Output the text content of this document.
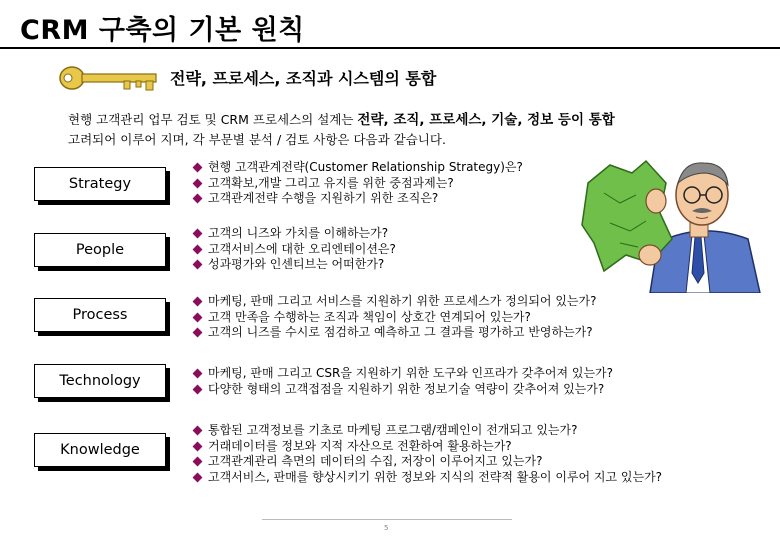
CRM 구축의 기본 원칙
전략, 프로세스, 조직과 시스템의 통합
현행 고객관리 업무 검토 및 CRM 프로세스의 설계는 전략, 조직, 프로세스, 기술, 정보 등이 통합
고려되어 이루어 지며, 각 부문별 분석 / 검토 사항은 다음과 같습니다.
Strategy
현행 고객관계전략(Customer Relationship Strategy)은?
고객확보,개발 그리고 유지를 위한 중점과제는?
고객관계전략 수행을 지원하기 위한 조직은?
People
고객의 니즈와 가치를 이해하는가?
고객서비스에 대한 오리엔테이션은?
성과평가와 인센티브는 어떠한가?
Process
마케팅, 판매 그리고 서비스를 지원하기 위한 프로세스가 정의되어 있는가?
고객 만족을 수행하는 조직과 책임이 상호간 연계되어 있는가?
고객의 니즈를 수시로 점검하고 예측하고 그 결과를 평가하고 반영하는가?
Technology	마케팅, 판매 그리고 CSR을 지원하기 위한 도구와 인프라가 갖추어져 있는가?
다양한 형태의 고객접점을 지원하기 위한 정보기술 역량이 갖추어져 있는가?
Knowledge
통합된 고객정보를 기초로 마케팅 프로그램/캠페인이 전개되고 있는가?
거래데이터를 정보와 지적 자산으로 전환하여 활용하는가?
고객관계관리 측면의 데이터의 수집, 저장이 이루어지고 있는가?
고객서비스, 판매를 향상시키기 위한 정보와 지식의 전략적 활용이 이루어 지고 있는가?
5
